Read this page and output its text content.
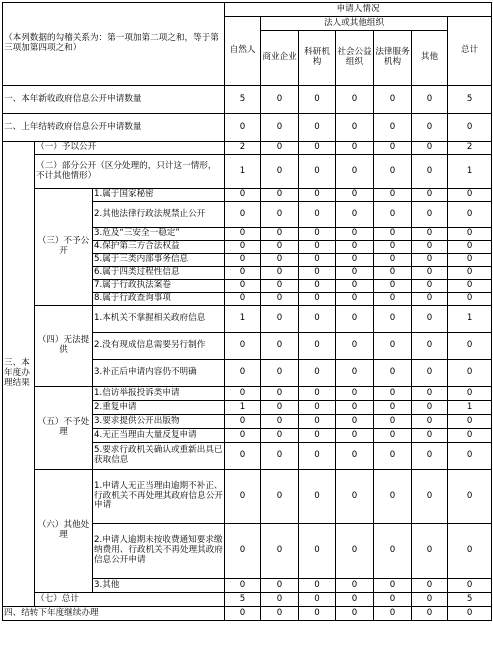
（本列数据的勾稽关系为：第一项加第二项之和，等于第三项加第四项之和）			申请人情况						
			自然人	法人或其他组织					总计
				商业企业	科研机构	社会公益组织	法律服务机构	其他	
一、本年新收政府信息公开申请数量			5	0	0	0	0	0	5
二、上年结转政府信息公开申请数量			0	0	0	0	0	0	0
三、本年度办理结果	（一）予以公开		2	0	0	0	0	0	2
	（二）部分公开（区分处理的，只计这一情形，不计其他情形）		1	0	0	0	0	0	1
	（三）不予公开	1.属于国家秘密	0	0	0	0	0	0	0
		2.其他法律行政法规禁止公开	0	0	0	0	0	0	0
		3.危及“三安全一稳定”	0	0	0	0	0	0	0
		4.保护第三方合法权益	0	0	0	0	0	0	0
		5.属于三类内部事务信息	0	0	0	0	0	0	0
		6.属于四类过程性信息	0	0	0	0	0	0	0
		7.属于行政执法案卷	0	0	0	0	0	0	0
		8.属于行政查询事项	0	0	0	0	0	0	0
	（四）无法提供	1.本机关不掌握相关政府信息	1	0	0	0	0	0	1
		2.没有现成信息需要另行制作	0	0	0	0	0	0	0
		3.补正后申请内容仍不明确	0	0	0	0	0	0	0
	（五）不予处理	1.信访举报投诉类申请	0	0	0	0	0	0	0
		2.重复申请	1	0	0	0	0	0	1
		3.要求提供公开出版物	0	0	0	0	0	0	0
		4.无正当理由大量反复申请	0	0	0	0	0	0	0
		5.要求行政机关确认或重新出具已获取信息	0	0	0	0	0	0	0
	（六）其他处理	1.申请人无正当理由逾期不补正、行政机关不再处理其政府信息公开申请	0	0	0	0	0	0	0
		2.申请人逾期未按收费通知要求缴纳费用、行政机关不再处理其政府信息公开申请	0	0	0	0	0	0	0
		3.其他	0	0	0	0	0	0	0
	（七）总计		5	0	0	0	0	0	5
四、结转下年度继续办理			0	0	0	0	0	0	0
